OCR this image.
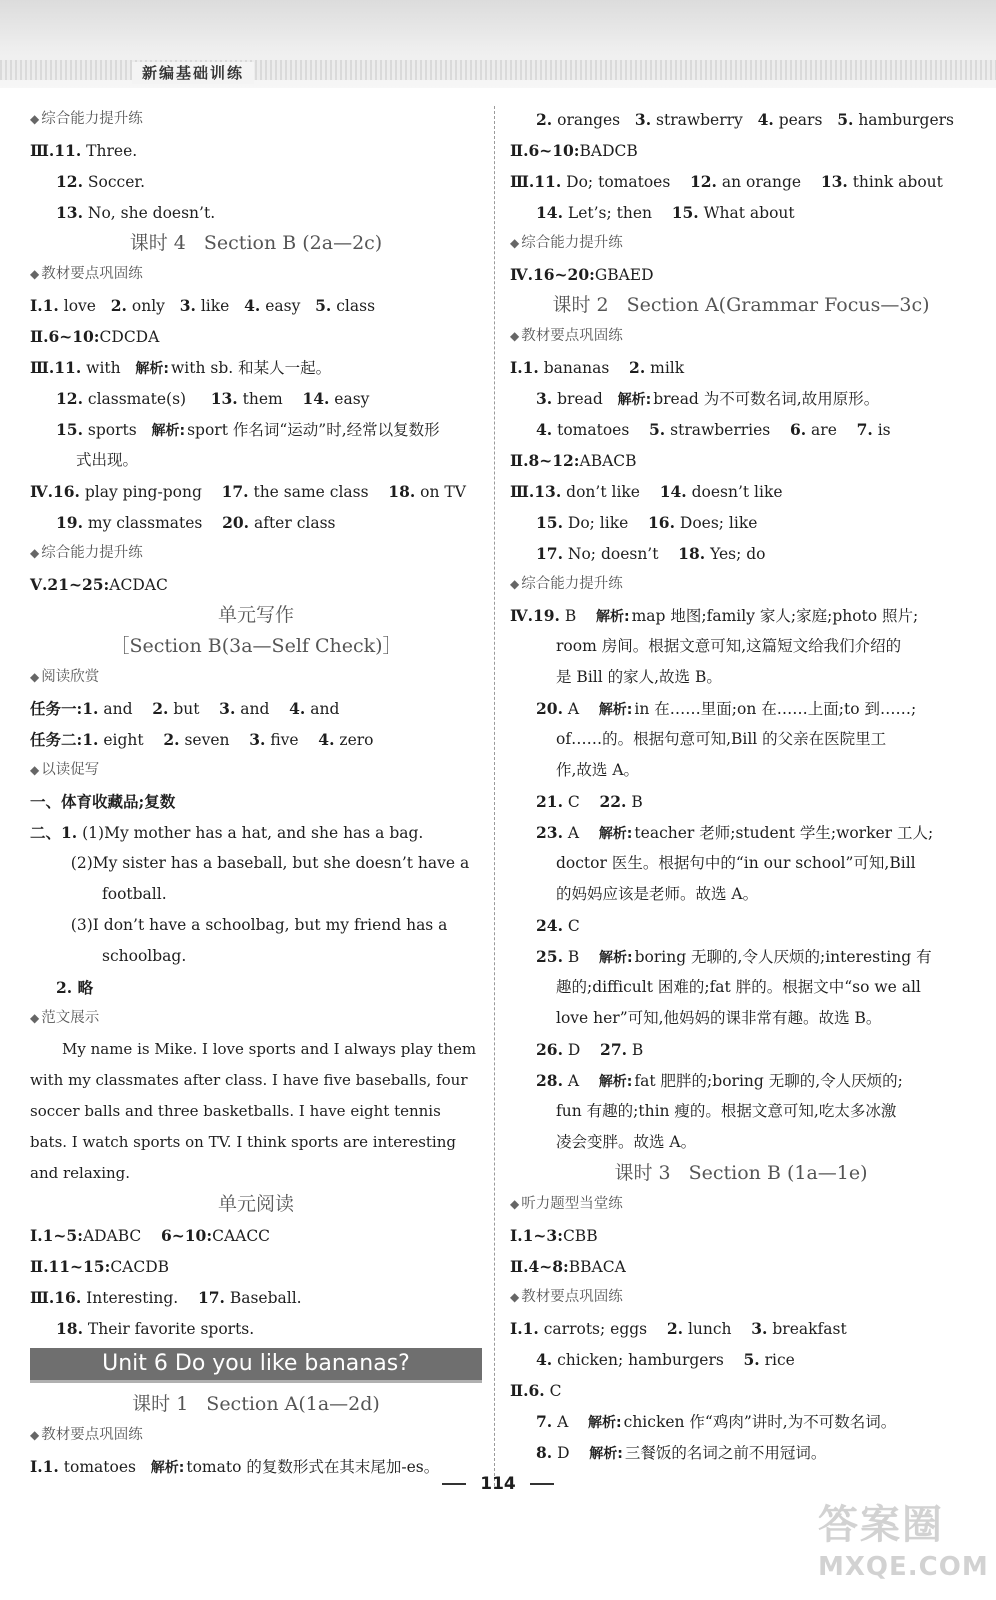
新编基础训练
◆ 综合能力提升练
Ⅲ.11. Three.
12. Soccer.
13. No, she doesn’t.
课时 4 Section B (2a—2c)
◆ 教材要点巩固练
Ⅰ.1. love   2. only   3. like   4. easy   5. class
Ⅱ.6~10:CDCDA
Ⅲ.11. with   解析: with sb. 和某人一起。
12. classmate(s)     13. them    14. easy
15. sports   解析: sport 作名词“运动”时,经常以复数形
式出现。
Ⅳ.16. play ping-pong    17. the same class    18. on TV
19. my classmates    20. after class
◆ 综合能力提升练
Ⅴ.21~25:ACDAC
单元写作
［Section B(3a—Self Check)］
◆ 阅读欣赏
任务一:1. and    2. but    3. and    4. and
任务二:1. eight    2. seven    3. five    4. zero
◆ 以读促写
一、体育收藏品;复数
二、1. (1)My mother has a hat, and she has a bag.
(2)My sister has a baseball, but she doesn’t have a
football.
(3)I don’t have a schoolbag, but my friend has a
schoolbag.
2. 略
◆ 范文展示
My name is Mike. I love sports and I always play them with my classmates after class. I have five baseballs, four soccer balls and three basketballs. I have eight tennis bats. I watch sports on TV. I think sports are interesting and relaxing.
单元阅读
Ⅰ.1~5:ADABC    6~10:CAACC
Ⅱ.11~15:CACDB
Ⅲ.16. Interesting.    17. Baseball.
18. Their favorite sports.
Unit 6 Do you like bananas?
课时 1 Section A(1a—2d)
◆ 教材要点巩固练
Ⅰ.1. tomatoes   解析: tomato 的复数形式在其末尾加-es。
2. oranges   3. strawberry   4. pears   5. hamburgers
Ⅱ.6~10:BADCB
Ⅲ.11. Do; tomatoes    12. an orange    13. think about
14. Let’s; then    15. What about
◆ 综合能力提升练
Ⅳ.16~20:GBAED
课时 2 Section A(Grammar Focus—3c)
◆ 教材要点巩固练
Ⅰ.1. bananas    2. milk
3. bread   解析: bread 为不可数名词,故用原形。
4. tomatoes    5. strawberries    6. are    7. is
Ⅱ.8~12:ABACB
Ⅲ.13. don’t like    14. doesn’t like
15. Do; like    16. Does; like
17. No; doesn’t    18. Yes; do
◆ 综合能力提升练
Ⅳ.19. B    解析: map 地图;family 家人;家庭;photo 照片;
room 房间。根据文意可知,这篇短文给我们介绍的
是 Bill 的家人,故选 B。
20. A    解析: in 在……里面;on 在……上面;to 到……;
of……的。根据句意可知,Bill 的父亲在医院里工
作,故选 A。
21. C    22. B
23. A    解析: teacher 老师;student 学生;worker 工人;
doctor 医生。根据句中的“in our school”可知,Bill
的妈妈应该是老师。故选 A。
24. C
25. B    解析: boring 无聊的,令人厌烦的;interesting 有
趣的;difficult 困难的;fat 胖的。根据文中“so we all
love her”可知,他妈妈的课非常有趣。故选 B。
26. D    27. B
28. A    解析: fat 肥胖的;boring 无聊的,令人厌烦的;
fun 有趣的;thin 瘦的。根据文意可知,吃太多冰激
凌会变胖。故选 A。
课时 3 Section B (1a—1e)
◆ 听力题型当堂练
Ⅰ.1~3:CBB
Ⅱ.4~8:BBACA
◆ 教材要点巩固练
Ⅰ.1. carrots; eggs    2. lunch    3. breakfast
4. chicken; hamburgers    5. rice
Ⅱ.6. C
7. A    解析: chicken 作“鸡肉”讲时,为不可数名词。
8. D    解析: 三餐饭的名词之前不用冠词。
114
答案圈
MXQE.COM
